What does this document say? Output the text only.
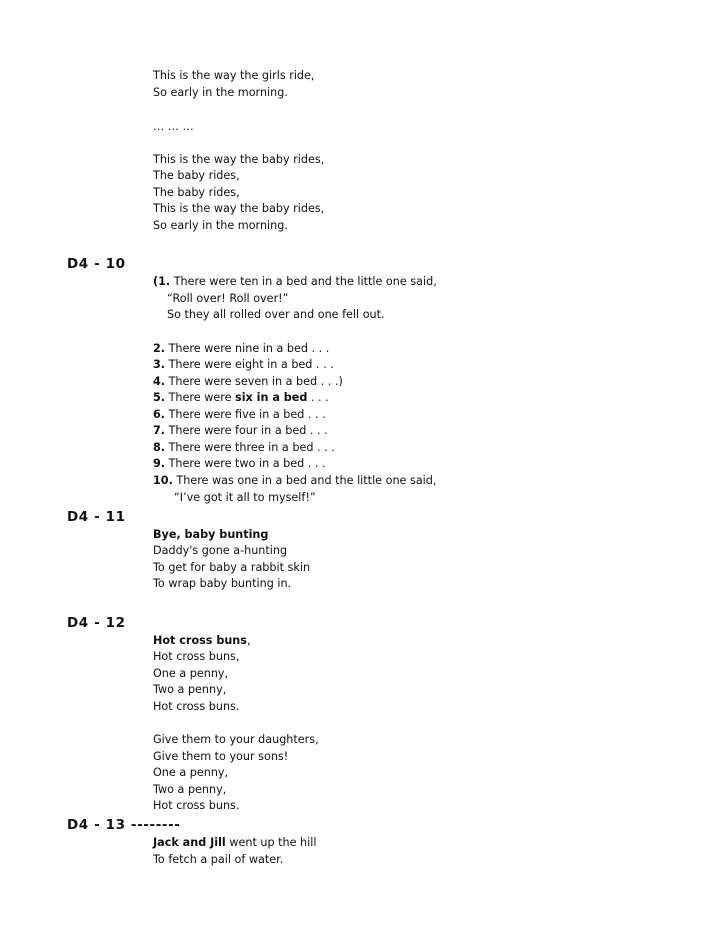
D4 - 10
D4 - 11
D4 - 12
D4 - 13 --------
This is the way the girls ride,
So early in the morning.
… … …
This is the way the baby rides,
The baby rides,
The baby rides,
This is the way the baby rides,
So early in the morning.
(1. There were ten in a bed and the little one said,
“Roll over! Roll over!”
So they all rolled over and one fell out.
2. There were nine in a bed . . .
3. There were eight in a bed . . .
4. There were seven in a bed . . .)
5. There were six in a bed . . .
6. There were five in a bed . . .
7. There were four in a bed . . .
8. There were three in a bed . . .
9. There were two in a bed . . .
10. There was one in a bed and the little one said,
“I’ve got it all to myself!”
Bye, baby bunting
Daddy's gone a-hunting
To get for baby a rabbit skin
To wrap baby bunting in.
Hot cross buns,
Hot cross buns,
One a penny,
Two a penny,
Hot cross buns.
Give them to your daughters,
Give them to your sons!
One a penny,
Two a penny,
Hot cross buns.
Jack and Jill went up the hill
To fetch a pail of water.
